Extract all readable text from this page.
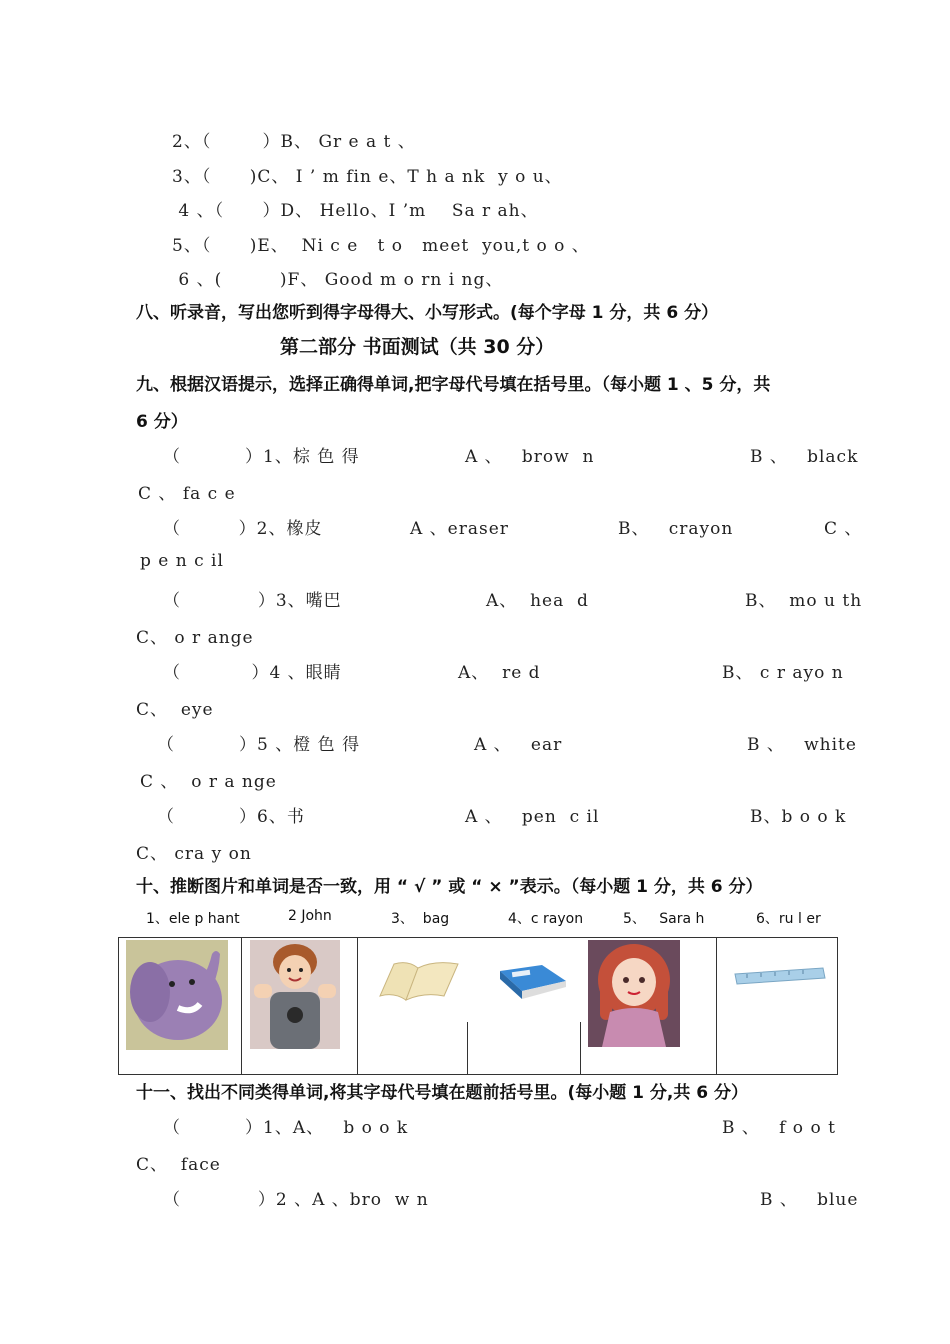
2、（        ）B、 Gr e a t 、
3、（      )C、 I ’ m fin e、T h a nk  y o u、
4 、（      ）D、 Hello、I ’m    Sa r ah、
5、（      )E、  Ni c e   t o   meet  you,t o o 、
6 、(         )F、 Good m o rn i ng、
八、听录音，写出您听到得字母得大、小写形式。(每个字母 1 分，共 6 分）
第二部分 书面测试（共 30 分）
九、根据汉语提示，选择正确得单词,把字母代号填在括号里。（每小题 1 、5 分，共
6 分）
（          ）1、棕 色 得	A 、   brow  n	B 、   black
C 、 fa c e
（         ）2、橡皮	A 、eraser	B、   crayon	C 、
p e n c il
（            ）3、嘴巴	A、  hea  d	B、  mo u th
C、 o r ange
（           ）4 、眼睛	A、  re d	B、 c r ayo n
C、  eye
（          ）5 、橙 色 得	A 、   ear	B 、   white
C 、  o r a nge
（          ）6、书	A 、   pen  c il	B、b o o k
C、 cra y on
十、推断图片和单词是否一致，用 “ √ ” 或 “ × ”表示。（每小题 1 分，共 6 分）
1、ele p hant	2 John	3、  bag	4、c rayon	5、   Sara h	6、ru l er
十一、找出不同类得单词,将其字母代号填在题前括号里。(每小题 1 分,共 6 分）
（          ）1、A、   b o o k	B 、   f o o t
C、  face
（            ）2 、A 、bro  w n	B 、   blue
